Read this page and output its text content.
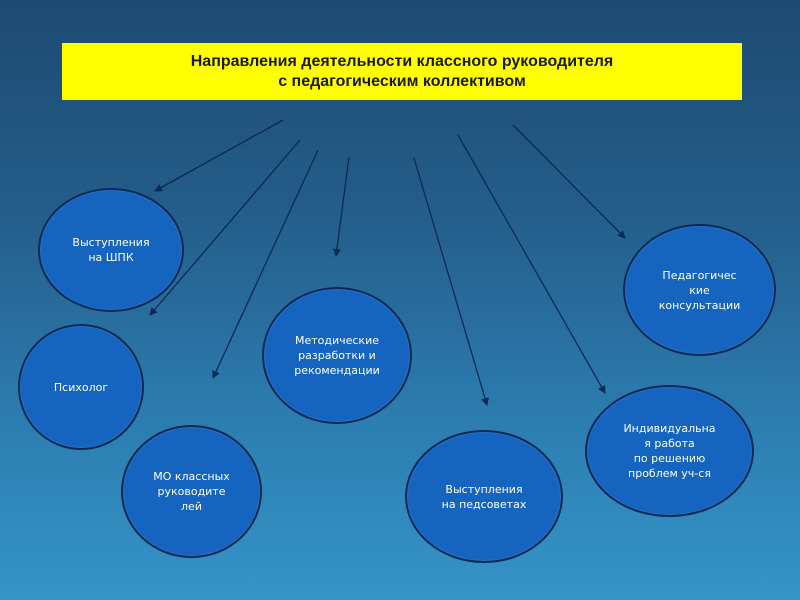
Направления деятельности классного руководителя
с педагогическим коллективом
Выступления
на ШПК
Психолог
МО классных
руководите
лей
Методические
разработки и
рекомендации
Выступления
на педсоветах
Индивидуальна
я работа
по решению
проблем уч-ся
Педагогичес
кие
консультации
